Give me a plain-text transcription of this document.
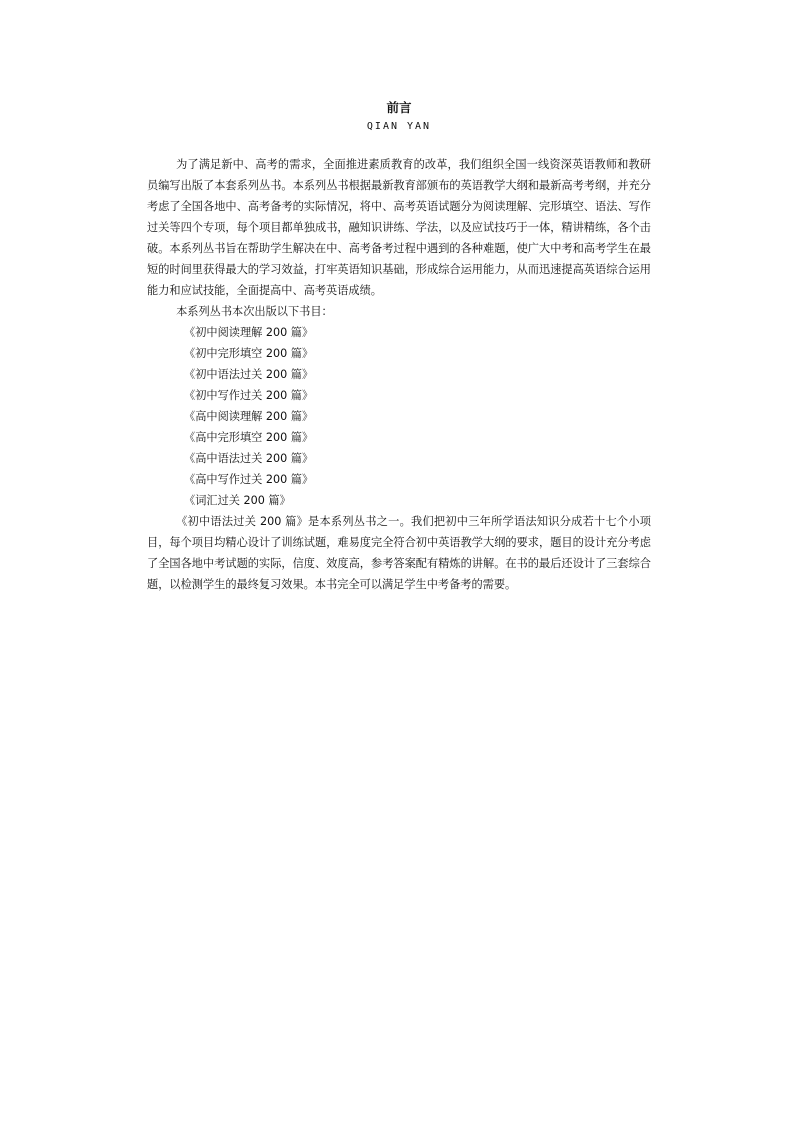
前言
QIAN YAN

为了满足新中、高考的需求，全面推进素质教育的改革，我们组织全国一线资深英语教师和教研员编写出版了本套系列丛书。本系列丛书根据最新教育部颁布的英语教学大纲和最新高考考纲，并充分考虑了全国各地中、高考备考的实际情况，将中、高考英语试题分为阅读理解、完形填空、语法、写作过关等四个专项，每个项目都单独成书，融知识讲练、学法，以及应试技巧于一体，精讲精练，各个击破。本系列丛书旨在帮助学生解决在中、高考备考过程中遇到的各种难题，使广大中考和高考学生在最短的时间里获得最大的学习效益，打牢英语知识基础，形成综合运用能力，从而迅速提高英语综合运用能力和应试技能，全面提高中、高考英语成绩。

本系列丛书本次出版以下书目：

《初中阅读理解 200 篇》
《初中完形填空 200 篇》
《初中语法过关 200 篇》
《初中写作过关 200 篇》
《高中阅读理解 200 篇》
《高中完形填空 200 篇》
《高中语法过关 200 篇》
《高中写作过关 200 篇》
《词汇过关 200 篇》

《初中语法过关 200 篇》是本系列丛书之一。我们把初中三年所学语法知识分成若十七个小项目，每个项目均精心设计了训练试题，难易度完全符合初中英语教学大纲的要求，题目的设计充分考虑了全国各地中考试题的实际，信度、效度高，参考答案配有精炼的讲解。在书的最后还设计了三套综合题，以检测学生的最终复习效果。本书完全可以满足学生中考备考的需要。
